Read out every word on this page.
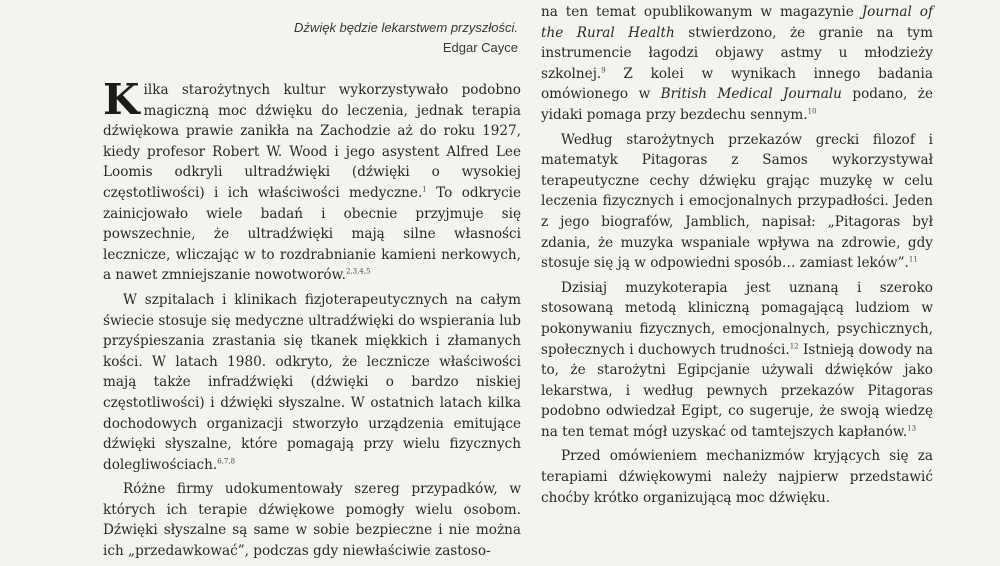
Dźwięk będzie lekarstwem przyszłości.
Edgar Cayce

Kilka starożytnych kultur wykorzystywało podobno magiczną moc dźwięku do leczenia, jednak terapia dźwiękowa prawie zanikła na Zachodzie aż do roku 1927, kiedy profesor Robert W. Wood i jego asystent Alfred Lee Loomis odkryli ultradźwięki (dźwięki o wysokiej częstotliwości) i ich właściwości medyczne.$^1$ To odkrycie zainicjowało wiele badań i obecnie przyjmuje się powszechnie, że ultradźwięki mają silne własności lecznicze, wliczając w to rozdrabnianie kamieni nerkowych, a nawet zmniejszanie nowotworów.$^{2,3,4,5}$

W szpitalach i klinikach fizjoterapeutycznych na całym świecie stosuje się medyczne ultradźwięki do wspierania lub przyśpieszania zrastania się tkanek miękkich i złamanych kości. W latach 1980. odkryto, że lecznicze właściwości mają także infradźwięki (dźwięki o bardzo niskiej częstotliwości) i dźwięki słyszalne. W ostatnich latach kilka dochodowych organizacji stworzyło urządzenia emitujące dźwięki słyszalne, które pomagają przy wielu fizycznych dolegliwościach.$^{6,7,8}$

Różne firmy udokumentowały szereg przypadków, w których ich terapie dźwiękowe pomogły wielu osobom. Dźwięki słyszalne są same w sobie bezpieczne i nie można ich „przedawkować”, podczas gdy niewłaściwie zastoso-

na ten temat opublikowanym w magazynie Journal of the Rural Health stwierdzono, że granie na tym instrumencie łagodzi objawy astmy u młodzieży szkolnej.$^9$ Z kolei w wynikach innego badania omówionego w British Medical Journalu podano, że yidaki pomaga przy bezdechu sennym.$^{10}$

Według starożytnych przekazów grecki filozof i matematyk Pitagoras z Samos wykorzystywał terapeutyczne cechy dźwięku grając muzykę w celu leczenia fizycznych i emocjonalnych przypadłości. Jeden z jego biografów, Jamblich, napisał: „Pitagoras był zdania, że muzyka wspaniale wpływa na zdrowie, gdy stosuje się ją w odpowiedni sposób… zamiast leków”.$^{11}$

Dzisiaj muzykoterapia jest uznaną i szeroko stosowaną metodą kliniczną pomagającą ludziom w pokonywaniu fizycznych, emocjonalnych, psychicznych, społecznych i duchowych trudności.$^{12}$ Istnieją dowody na to, że starożytni Egipcjanie używali dźwięków jako lekarstwa, i według pewnych przekazów Pitagoras podobno odwiedzał Egipt, co sugeruje, że swoją wiedzę na ten temat mógł uzyskać od tamtejszych kapłanów.$^{13}$

Przed omówieniem mechanizmów kryjących się za terapiami dźwiękowymi należy najpierw przedstawić choćby krótko organizującą moc dźwięku.
